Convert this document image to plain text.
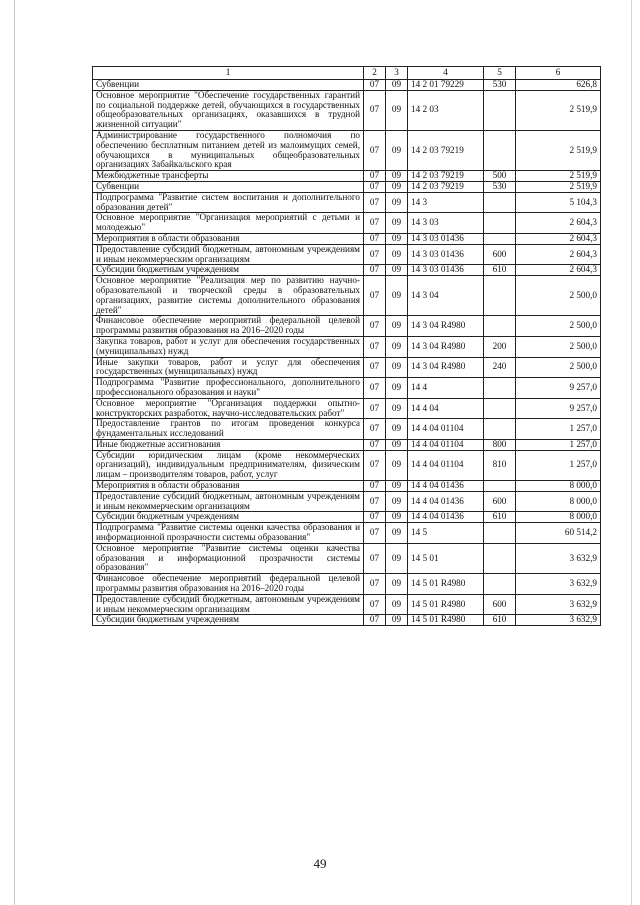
1	2	3	4	5	6
Субвенции	07	09	14 2 01 79229	530	626,8
Основное мероприятие "Обеспечение государственных гарантий по социальной поддержке детей, обучающихся в государственных общеобразовательных организациях, оказавшихся в трудной жизненной ситуации"	07	09	14 2 03		2 519,9
Администрирование государственного полномочия по обеспечению бесплатным питанием детей из малоимущих семей, обучающихся в муниципальных общеобразовательных организациях Забайкальского края	07	09	14 2 03 79219		2 519,9
Межбюджетные трансферты	07	09	14 2 03 79219	500	2 519,9
Субвенции	07	09	14 2 03 79219	530	2 519,9
Подпрограмма "Развитие систем воспитания и дополнительного образования детей"	07	09	14 3		5 104,3
Основное мероприятие "Организация мероприятий с детьми и молодежью"	07	09	14 3 03		2 604,3
Мероприятия в области образования	07	09	14 3 03 01436		2 604,3
Предоставление субсидий бюджетным, автономным учреждениям и иным некоммерческим организациям	07	09	14 3 03 01436	600	2 604,3
Субсидии бюджетным учреждениям	07	09	14 3 03 01436	610	2 604,3
Основное мероприятие "Реализация мер по развитию научно-образовательной и творческой среды в образовательных организациях, развитие системы дополнительного образования детей"	07	09	14 3 04		2 500,0
Финансовое обеспечение мероприятий федеральной целевой программы развития образования на 2016–2020 годы	07	09	14 3 04 R4980		2 500,0
Закупка товаров, работ и услуг для обеспечения государственных (муниципальных) нужд	07	09	14 3 04 R4980	200	2 500,0
Иные закупки товаров, работ и услуг для обеспечения государственных (муниципальных) нужд	07	09	14 3 04 R4980	240	2 500,0
Подпрограмма "Развитие профессионального, дополнительного профессионального образования и науки"	07	09	14 4		9 257,0
Основное мероприятие "Организация поддержки опытно-конструкторских разработок, научно-исследовательских работ"	07	09	14 4 04		9 257,0
Предоставление грантов по итогам проведения конкурса фундаментальных исследований	07	09	14 4 04 01104		1 257,0
Иные бюджетные ассигнования	07	09	14 4 04 01104	800	1 257,0
Субсидии юридическим лицам (кроме некоммерческих организаций), индивидуальным предпринимателям, физическим лицам – производителям товаров, работ, услуг	07	09	14 4 04 01104	810	1 257,0
Мероприятия в области образования	07	09	14 4 04 01436		8 000,0
Предоставление субсидий бюджетным, автономным учреждениям и иным некоммерческим организациям	07	09	14 4 04 01436	600	8 000,0
Субсидии бюджетным учреждениям	07	09	14 4 04 01436	610	8 000,0
Подпрограмма "Развитие системы оценки качества образования и информационной прозрачности системы образования"	07	09	14 5		60 514,2
Основное мероприятие "Развитие системы оценки качества образования и информационной прозрачности системы образования"	07	09	14 5 01		3 632,9
Финансовое обеспечение мероприятий федеральной целевой программы развития образования на 2016–2020 годы	07	09	14 5 01 R4980		3 632,9
Предоставление субсидий бюджетным, автономным учреждениям и иным некоммерческим организациям	07	09	14 5 01 R4980	600	3 632,9
Субсидии бюджетным учреждениям	07	09	14 5 01 R4980	610	3 632,9
49
